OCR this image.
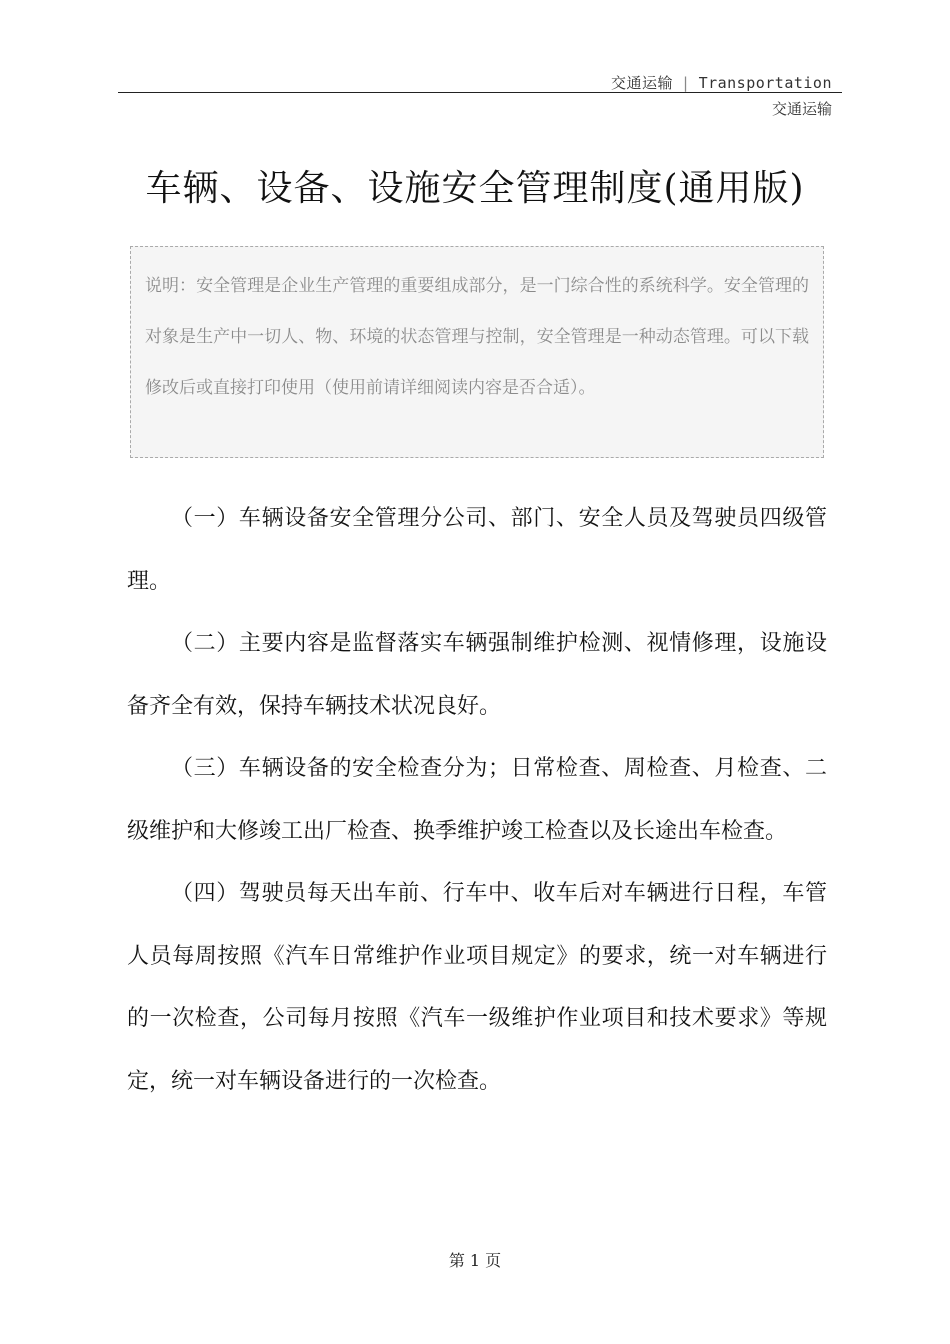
交通运输 | Transportation
交通运输
车辆、设备、设施安全管理制度(通用版)
说明：安全管理是企业生产管理的重要组成部分，是一门综合性的系统科学。安全管理的对象是生产中一切人、物、环境的状态管理与控制，安全管理是一种动态管理。可以下载修改后或直接打印使用（使用前请详细阅读内容是否合适）。

（一）车辆设备安全管理分公司、部门、安全人员及驾驶员四级管理。

（二）主要内容是监督落实车辆强制维护检测、视情修理，设施设备齐全有效，保持车辆技术状况良好。

（三）车辆设备的安全检查分为；日常检查、周检查、月检查、二级维护和大修竣工出厂检查、换季维护竣工检查以及长途出车检查。

（四）驾驶员每天出车前、行车中、收车后对车辆进行日程，车管人员每周按照《汽车日常维护作业项目规定》的要求，统一对车辆进行的一次检查，公司每月按照《汽车一级维护作业项目和技术要求》等规定，统一对车辆设备进行的一次检查。

第 1 页
